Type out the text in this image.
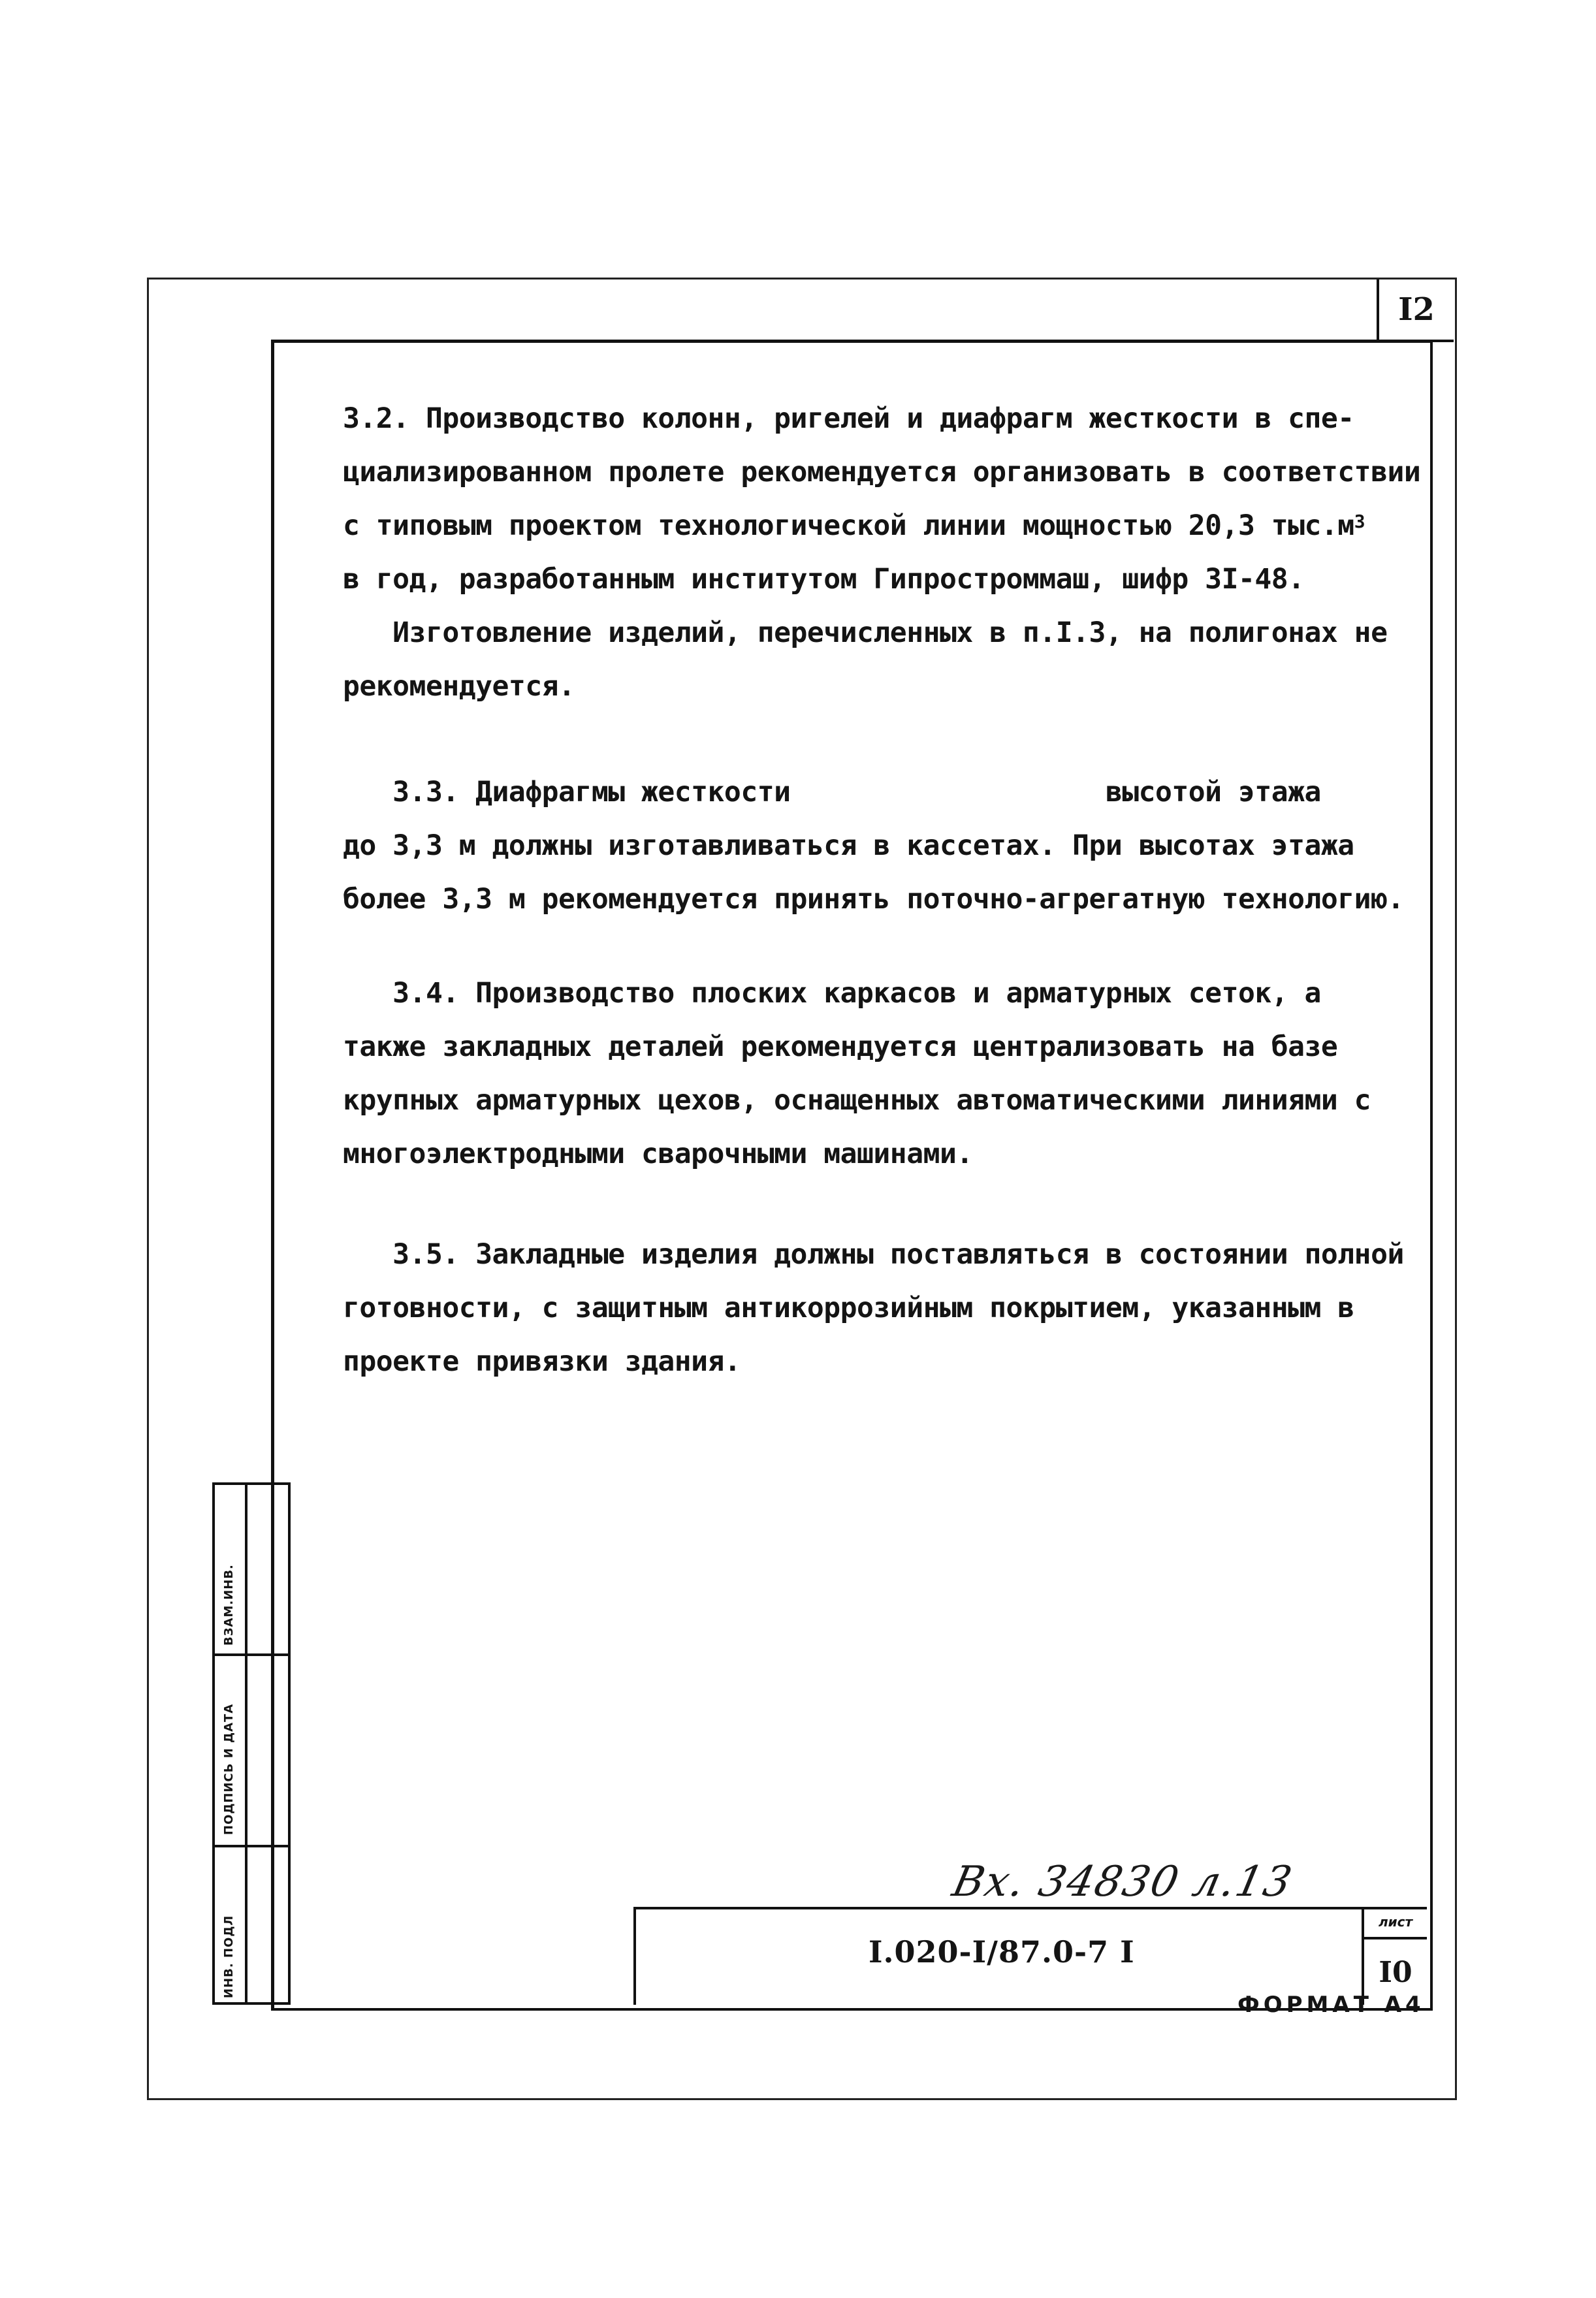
I2
3.2. Производство колонн, ригелей и диафрагм жесткости в спе-
циализированном пролете рекомендуется организовать в соответствии
с типовым проектом технологической линии мощностью 20,3 $тыс.м^3$
в год, разработанным институтом Гипростроммаш, шифр 3I-48.
Изготовление изделий, перечисленных в п.I.3, на полигонах не
рекомендуется.
3.3. Диафрагмы жесткости                   высотой этажа
до 3,3 м должны изготавливаться в кассетах. При высотах этажа
более 3,3 м рекомендуется принять поточно-агрегатную технологию.
3.4. Производство плоских каркасов и арматурных сеток, а
также закладных деталей рекомендуется централизовать на базе
крупных арматурных цехов, оснащенных автоматическими линиями с
многоэлектродными сварочными машинами.
3.5. Закладные изделия должны поставляться в состоянии полной
готовности, с защитным антикоррозийным покрытием, указанным в
проекте привязки здания.
ВЗАМ.ИНВ.
ПОДПИСЬ И ДАТА
ИНВ. ПОДЛ
Вх. 34830 л.13
I.020-I/87.0-7 I
лист
I0
ФОРМАТ А4
